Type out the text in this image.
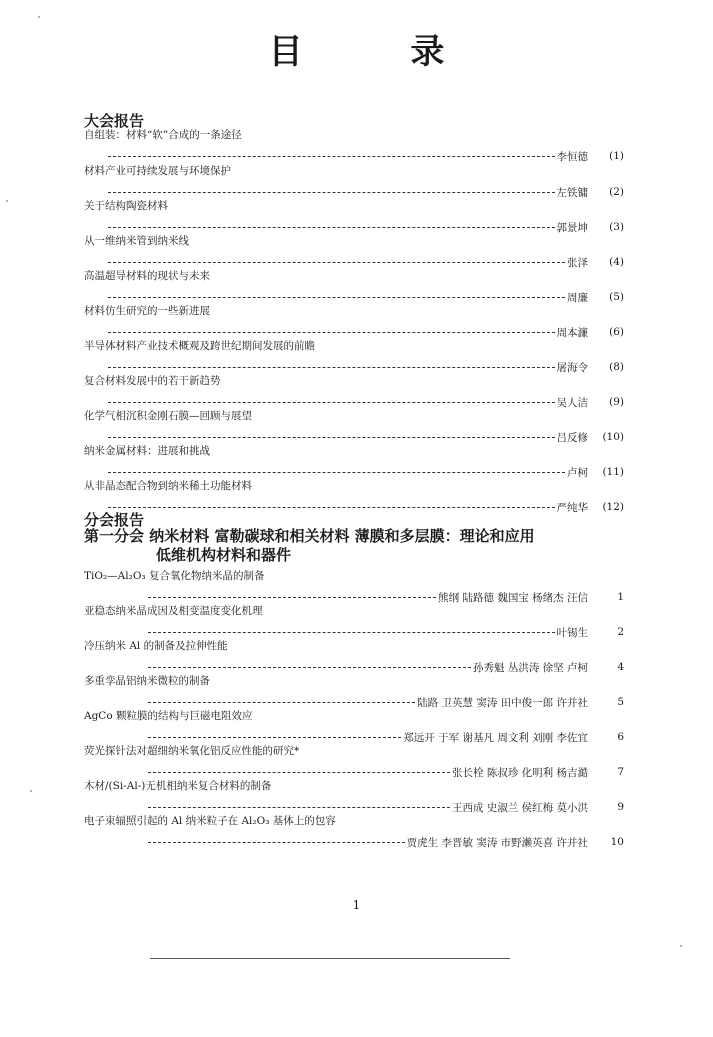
目 录
大会报告
自组装：材料“软”合成的一条途径
李恒德	(1)
材料产业可持续发展与环境保护
左铁镛	(2)
关于结构陶瓷材料
郭景坤	(3)
从一维纳米管到纳米线
张泽	(4)
高温超导材料的现状与未来
周廉	(5)
材料仿生研究的一些新进展
周本濂	(6)
半导体材料产业技术概观及跨世纪期间发展的前瞻
屠海令	(8)
复合材料发展中的若干新趋势
吴人洁	(9)
化学气相沉积金刚石膜—回顾与展望
吕反修	(10)
纳米金属材料：进展和挑战
卢柯	(11)
从非晶态配合物到纳米稀土功能材料
严纯华	(12)
分会报告
第一分会 纳米材料 富勒碳球和相关材料 薄膜和多层膜：理论和应用
低维机构材料和器件
TiO₂—Al₂O₃ 复合氧化物纳米晶的制备
熊纲 陆路德 魏国宝 杨绪杰 汪信	1
亚稳态纳米晶成因及相变温度变化机理
叶锡生	2
冷压纳米 Al 的制备及拉伸性能
孙秀魁 丛洪涛 徐坚 卢柯	4
多重孪晶铝纳米微粒的制备
陆路 卫英慧 窦涛 田中俊一郎 许并社	5
AgCo 颗粒膜的结构与巨磁电阻效应
郑远开 于军 谢基凡 周文利 刘刚 李佐宜	6
荧光探针法对超细纳米氧化铝反应性能的研究*
张长栓 陈叔珍 化明利 杨吉澔	7
木材/(Si-Al-)无机相纳米复合材料的制备
王西成 史淑兰 侯红梅 莫小洪	9
电子束辐照引起的 Al 纳米粒子在 Al₂O₃ 基体上的包容
贾虎生 李晋敏 窦涛 市野濑英喜 许并社	10
1
